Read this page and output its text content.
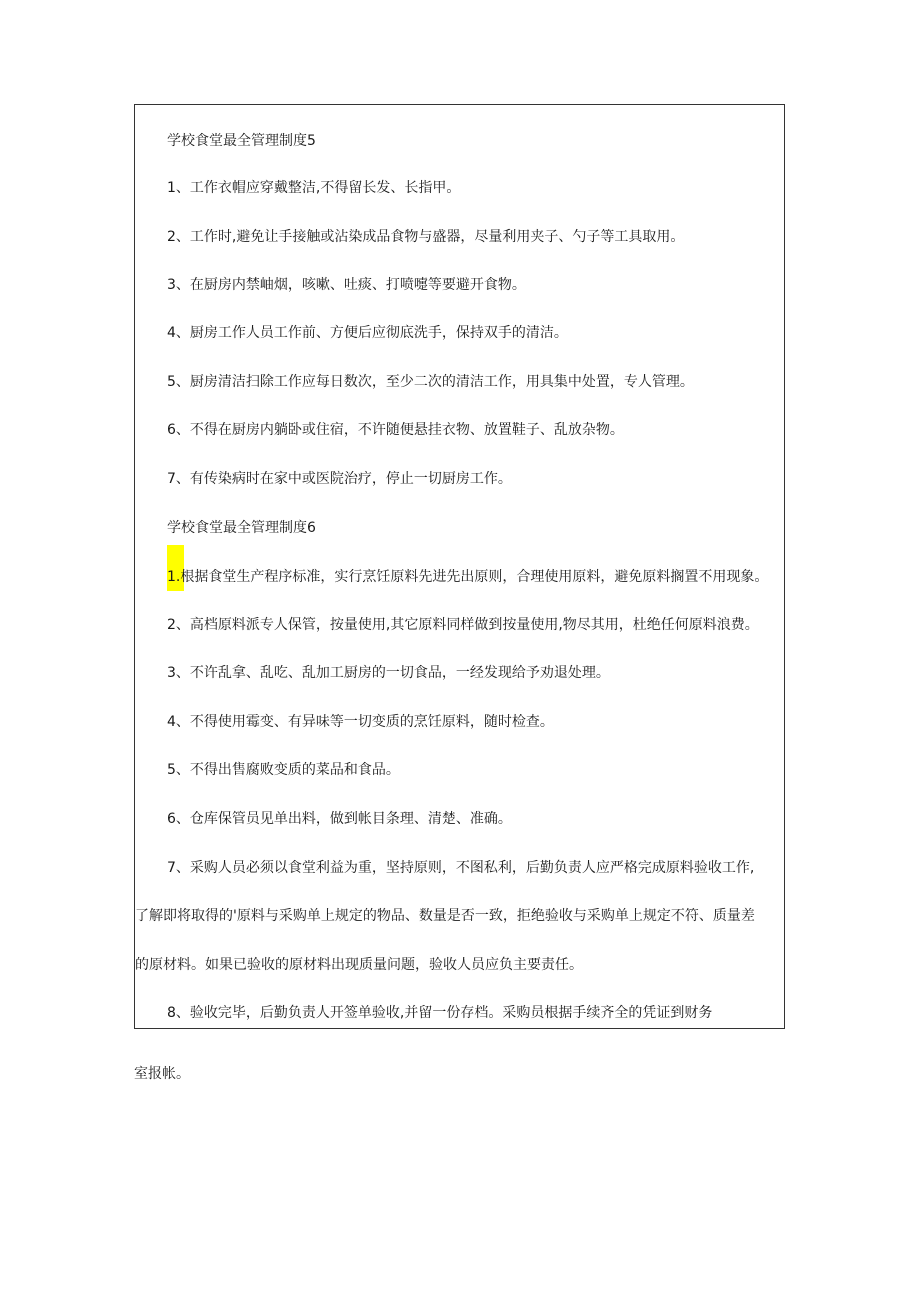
学校食堂最全管理制度5
1、工作衣帽应穿戴整洁,不得留长发、长指甲。
2、工作时,避免让手接触或沾染成品食物与盛器，尽量利用夹子、勺子等工具取用。
3、在厨房内禁岫烟，咳嗽、吐痰、打喷嚏等要避开食物。
4、厨房工作人员工作前、方便后应彻底洗手，保持双手的清洁。
5、厨房清洁扫除工作应每日数次，至少二次的清洁工作，用具集中处置，专人管理。
6、不得在厨房内躺卧或住宿，不许随便悬挂衣物、放置鞋子、乱放杂物。
7、有传染病时在家中或医院治疗，停止一切厨房工作。
学校食堂最全管理制度6
1.根据食堂生产程序标准，实行烹饪原料先进先出原则，合理使用原料，避免原料搁置不用现象。
2、高档原料派专人保管，按量使用,其它原料同样做到按量使用,物尽其用，杜绝任何原料浪费。
3、不许乱拿、乱吃、乱加工厨房的一切食品，一经发现给予劝退处理。
4、不得使用霉变、有异味等一切变质的烹饪原料，随时检查。
5、不得出售腐败变质的菜品和食品。
6、仓库保管员见单出料，做到帐目条理、清楚、准确。
7、采购人员必须以食堂利益为重，坚持原则，不图私利，后勤负责人应严格完成原料验收工作,
了解即将取得的'原料与采购单上规定的物品、数量是否一致，拒绝验收与采购单上规定不符、质量差
的原材料。如果已验收的原材料出现质量问题，验收人员应负主要责任。
8、验收完毕，后勤负责人开签单验收,并留一份存档。采购员根据手续齐全的凭证到财务
室报帐。
